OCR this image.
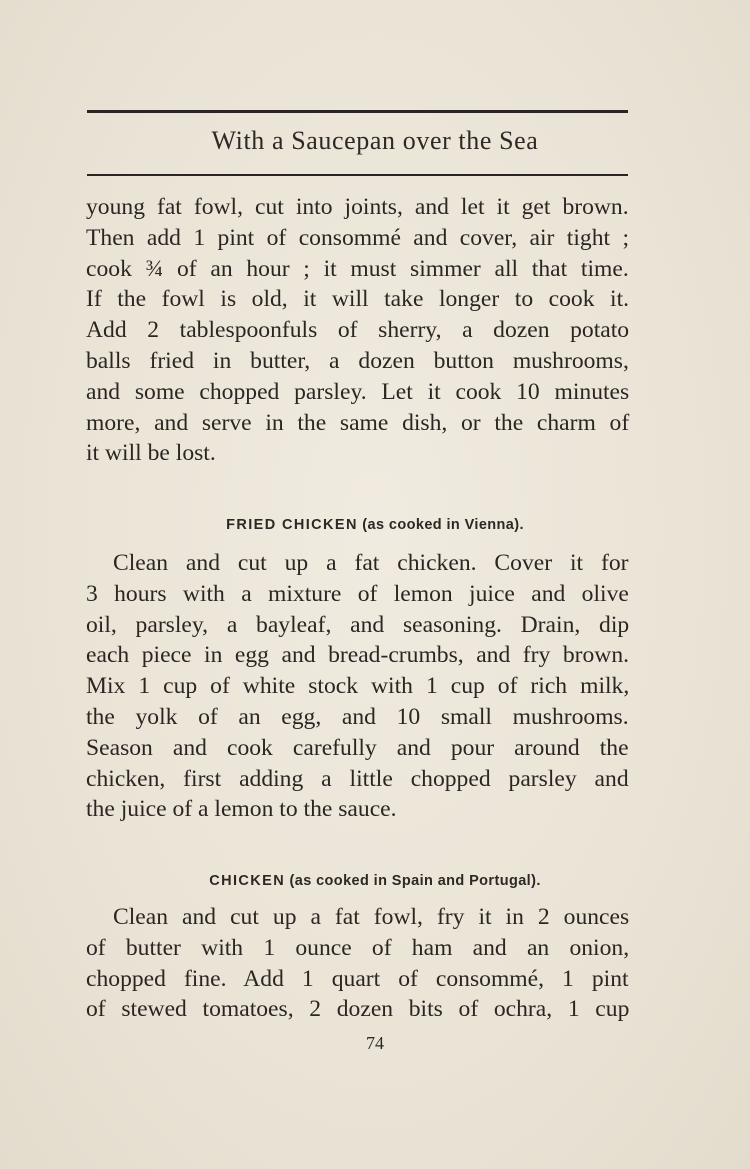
With a Saucepan over the Sea
young fat fowl, cut into joints, and let it get brown.
Then add 1 pint of consommé and cover, air tight ;
cook ¾ of an hour ; it must simmer all that time.
If the fowl is old, it will take longer to cook it.
Add 2 tablespoonfuls of sherry, a dozen potato
balls fried in butter, a dozen button mushrooms,
and some chopped parsley. Let it cook 10 minutes
more, and serve in the same dish, or the charm of
it will be lost.
FRIED CHICKEN (as cooked in Vienna).
Clean and cut up a fat chicken. Cover it for
3 hours with a mixture of lemon juice and olive
oil, parsley, a bayleaf, and seasoning. Drain, dip
each piece in egg and bread-crumbs, and fry brown.
Mix 1 cup of white stock with 1 cup of rich milk,
the yolk of an egg, and 10 small mushrooms.
Season and cook carefully and pour around the
chicken, first adding a little chopped parsley and
the juice of a lemon to the sauce.
CHICKEN (as cooked in Spain and Portugal).
Clean and cut up a fat fowl, fry it in 2 ounces
of butter with 1 ounce of ham and an onion,
chopped fine. Add 1 quart of consommé, 1 pint
of stewed tomatoes, 2 dozen bits of ochra, 1 cup
74
